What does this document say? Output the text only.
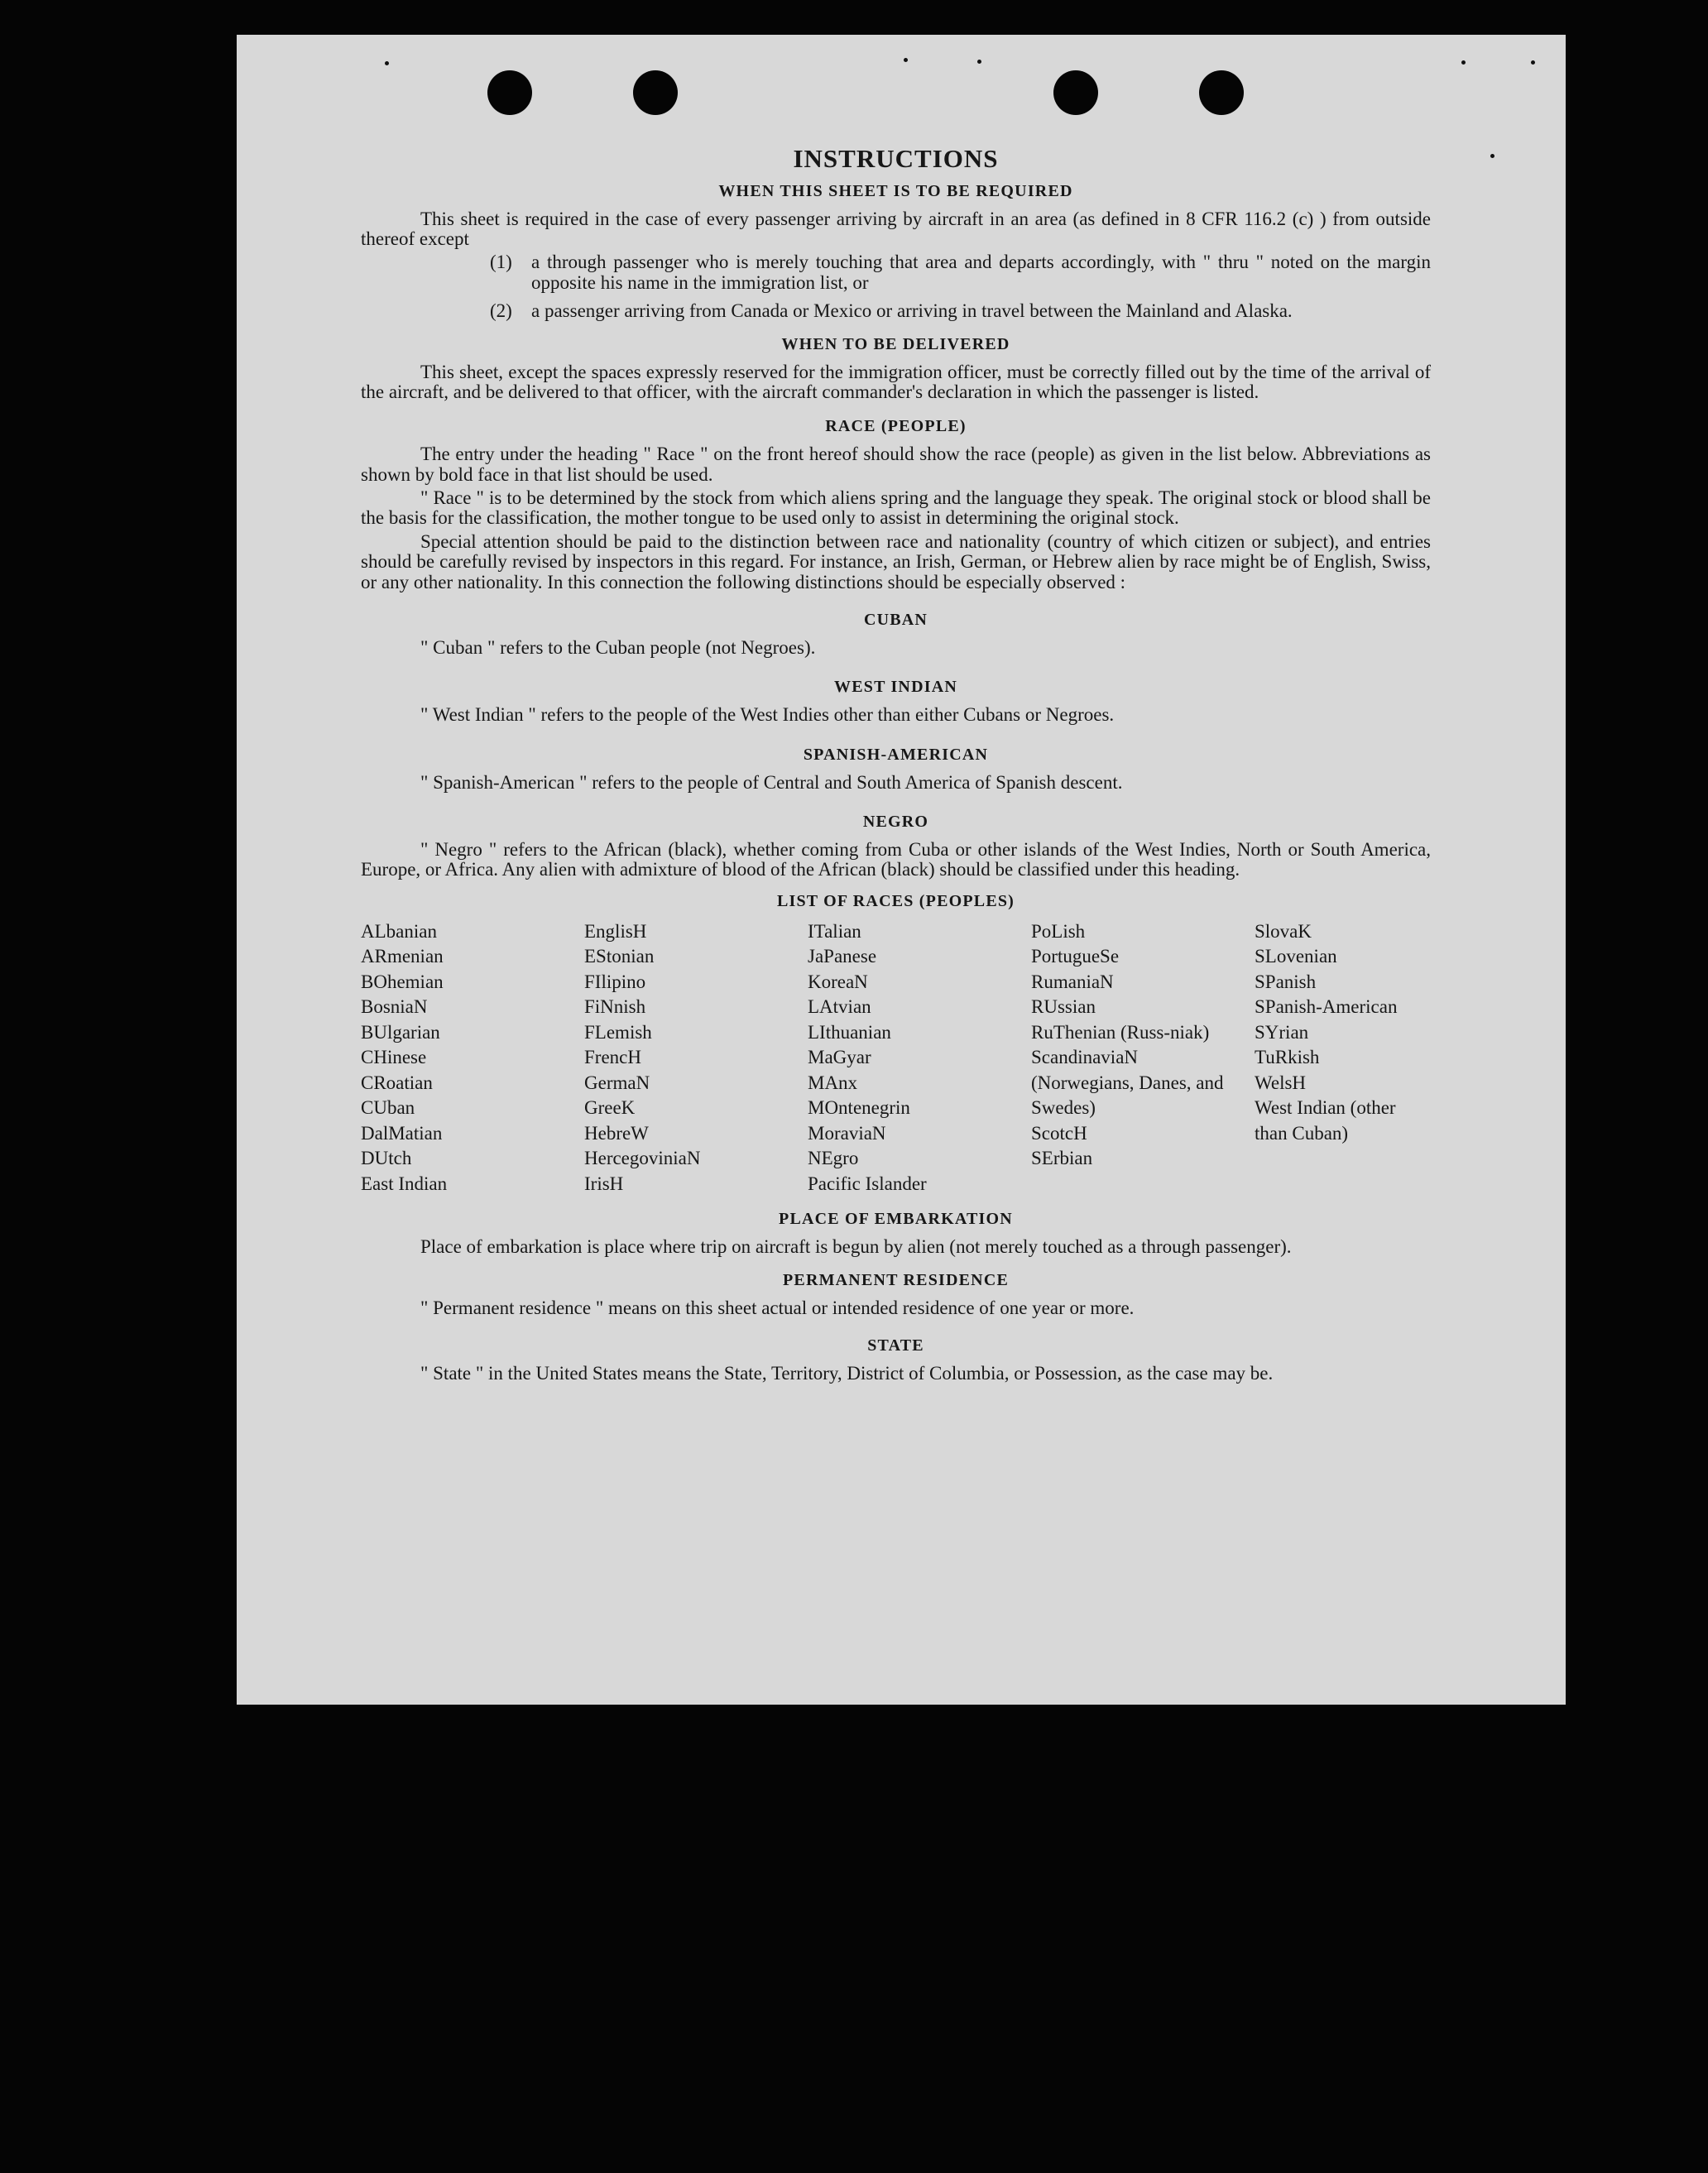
INSTRUCTIONS
WHEN THIS SHEET IS TO BE REQUIRED

This sheet is required in the case of every passenger arriving by aircraft in an area (as defined in 8 CFR 116.2 (c) ) from outside thereof except

(1)	a through passenger who is merely touching that area and departs accordingly, with " thru " noted on the margin opposite his name in the immigration list, or
(2)	a passenger arriving from Canada or Mexico or arriving in travel between the Mainland and Alaska.
WHEN TO BE DELIVERED

This sheet, except the spaces expressly reserved for the immigration officer, must be correctly filled out by the time of the arrival of the aircraft, and be delivered to that officer, with the aircraft commander's declaration in which the passenger is listed.

RACE (PEOPLE)

The entry under the heading " Race " on the front hereof should show the race (people) as given in the list below. Abbreviations as shown by bold face in that list should be used.

" Race " is to be determined by the stock from which aliens spring and the language they speak. The original stock or blood shall be the basis for the classification, the mother tongue to be used only to assist in determining the original stock.

Special attention should be paid to the distinction between race and nationality (country of which citizen or subject), and entries should be carefully revised by inspectors in this regard. For instance, an Irish, German, or Hebrew alien by race might be of English, Swiss, or any other nationality. In this connection the following distinctions should be especially observed :

CUBAN

" Cuban " refers to the Cuban people (not Negroes).

WEST INDIAN

" West Indian " refers to the people of the West Indies other than either Cubans or Negroes.

SPANISH-AMERICAN

" Spanish-American " refers to the people of Central and South America of Spanish descent.

NEGRO

" Negro " refers to the African (black), whether coming from Cuba or other islands of the West Indies, North or South America, Europe, or Africa. Any alien with admixture of blood of the African (black) should be classified under this heading.

LIST OF RACES (PEOPLES)
ALbanian
ARmenian
BOhemian
BosniaN
BUlgarian
CHinese
CRoatian
CUban
DalMatian
DUtch
East Indian
EnglisH
EStonian
FIlipino
FiNnish
FLemish
FrencH
GermaN
GreeK
HebreW
HercegoviniaN
IrisH
ITalian
JaPanese
KoreaN
LAtvian
LIthuanian
MaGyar
MAnx
MOntenegrin
MoraviaN
NEgro
Pacific Islander
PoLish
PortugueSe
RumaniaN
RUssian
RuThenian (Russ-niak)
ScandinaviaN (Norwegians, Danes, and Swedes)
ScotcH
SErbian
SlovaK
SLovenian
SPanish
SPanish-American
SYrian
TuRkish
WelsH
West Indian (other than Cuban)
PLACE OF EMBARKATION

Place of embarkation is place where trip on aircraft is begun by alien (not merely touched as a through passenger).

PERMANENT RESIDENCE

" Permanent residence " means on this sheet actual or intended residence of one year or more.

STATE

" State " in the United States means the State, Territory, District of Columbia, or Possession, as the case may be.
